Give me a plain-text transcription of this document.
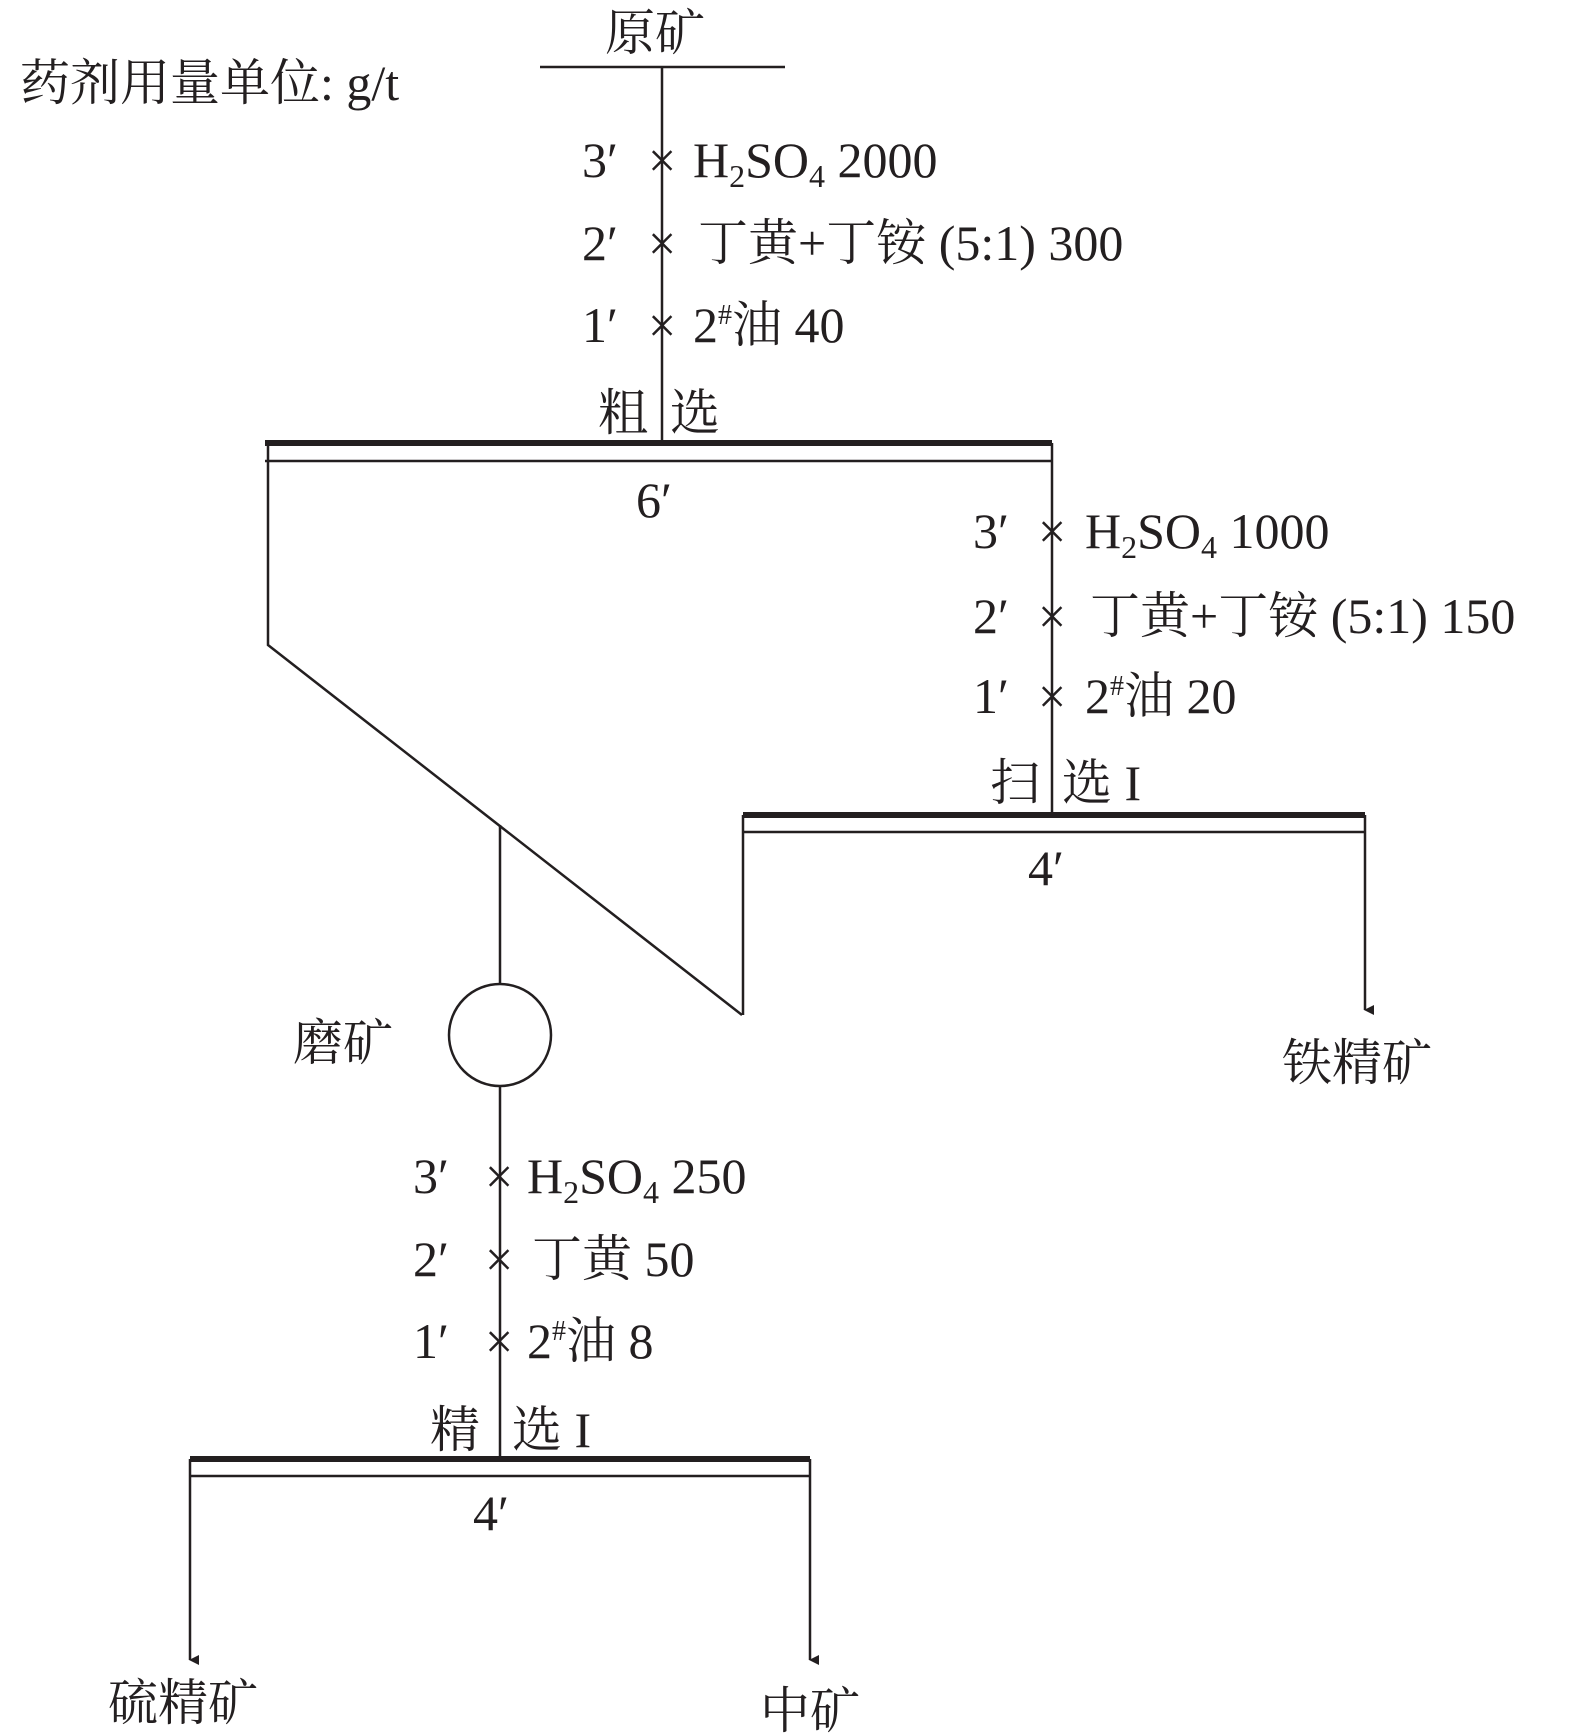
药剂用量单位: g/t
原矿
$3' \times H_2SO_4$ 2000
2′ × 丁黄+丁铵 (5:1) 300
1′ × 2#油 40
粗 选
6′
$3' \times H_2SO_4$ 1000
2′ × 丁黄+丁铵 (5:1) 150
1′ × 2#油 20
扫 选 I
4′
铁精矿
磨矿
$3' \times H_2SO_4$ 250
2′ × 丁黄 50
1′ × 2#油 8
精 选 I
4′
硫精矿	中矿
